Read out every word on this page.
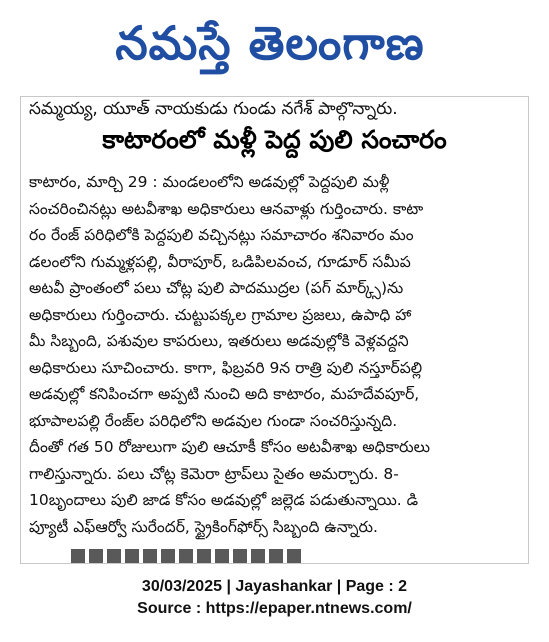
నమస్తే తెలంగాణ
సమ్మయ్య, యూత్ నాయకుడు గుండు నగేశ్ పాల్గొన్నారు.
కాటారంలో మళ్లీ పెద్ద పులి సంచారం
కాటారం, మార్చి 29 : మండలంలోని అడవుల్లో పెద్దపులి మళ్లీ
సంచరించినట్లు అటవీశాఖ అధికారులు ఆనవాళ్లు గుర్తించారు. కాటా
రం రేంజ్ పరిధిలోకి పెద్దపులి వచ్చినట్లు సమాచారం శనివారం మం
డలంలోని గుమ్మళ్లపల్లి, వీరాపూర్, ఒడిపిలవంచ, గూడూర్ సమీప
అటవీ ప్రాంతంలో పలు చోట్ల పులి పాదముద్రల (పగ్ మార్క్స్)ను
అధికారులు గుర్తించారు. చుట్టుపక్కల గ్రామాల ప్రజలు, ఉపాధి హా
మీ సిబ్బంది, పశువుల కాపరులు, ఇతరులు అడవుల్లోకి వెళ్లవద్దని
అధికారులు సూచించారు. కాగా, ఫిబ్రవరి 9న రాత్రి పులి నస్తూర్‌పల్లి
అడవుల్లో కనిపించగా అప్పటి నుంచి అది కాటారం, మహదేవపూర్,
భూపాలపల్లి రేంజ్‌ల పరిధిలోని అడవుల గుండా సంచరిస్తున్నది.
దీంతో గత 50 రోజులుగా పులి ఆచూకీ కోసం అటవీశాఖ అధికారులు
గాలిస్తున్నారు. పలు చోట్ల కెమెరా ట్రాప్‌లు సైతం అమర్చారు. 8-
10బృందాలు పులి జాడ కోసం అడవుల్లో జల్లెడ పడుతున్నాయి. డి
ప్యూటీ ఎఫ్ఆర్వో సురేందర్, స్ట్రైకింగ్‌ఫోర్స్ సిబ్బంది ఉన్నారు.
30/03/2025 | Jayashankar | Page : 2
Source : https://epaper.ntnews.com/
